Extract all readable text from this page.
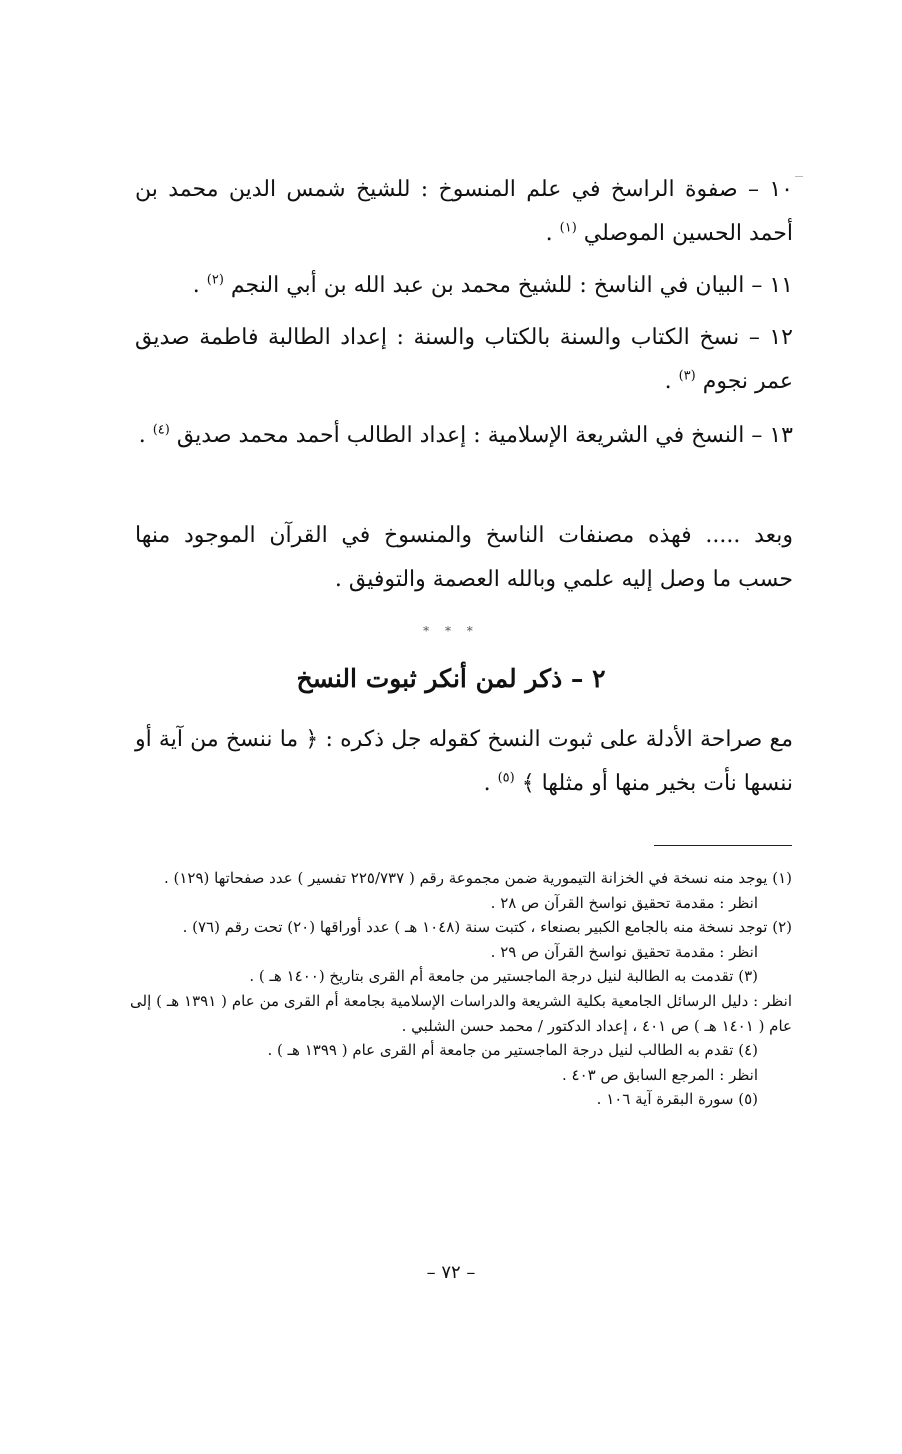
١٠ – صفوة الراسخ في علم المنسوخ : للشيخ شمس الدين محمد بن أحمد الحسين الموصلي $^{(١)}$ .
١١ – البيان في الناسخ : للشيخ محمد بن عبد الله بن أبي النجم $^{(٢)}$ .
١٢ – نسخ الكتاب والسنة بالكتاب والسنة : إعداد الطالبة فاطمة صديق عمر نجوم $^{(٣)}$ .
١٣ – النسخ في الشريعة الإسلامية : إعداد الطالب أحمد محمد صديق $^{(٤)}$ .
وبعد ..... فهذه مصنفات الناسخ والمنسوخ في القرآن الموجود منها حسب ما وصل إليه علمي وبالله العصمة والتوفيق .
* * *
٢ – ذكر لمن أنكر ثبوت النسخ
مع صراحة الأدلة على ثبوت النسخ كقوله جل ذكره : ﴿ ما ننسخ من آية أو ننسها نأت بخير منها أو مثلها ﴾ $^{(٥)}$ .

(١) يوجد منه نسخة في الخزانة التيمورية ضمن مجموعة رقم ( ٢٢٥/٧٣٧ تفسير ) عدد صفحاتها (١٢٩) .

انظر : مقدمة تحقيق نواسخ القرآن ص ٢٨ .

(٢) توجد نسخة منه بالجامع الكبير بصنعاء ، كتبت سنة (١٠٤٨ هـ ) عدد أوراقها (٢٠) تحت رقم (٧٦) .

انظر : مقدمة تحقيق نواسخ القرآن ص ٢٩ .

(٣) تقدمت به الطالبة لنيل درجة الماجستير من جامعة أم القرى بتاريخ (١٤٠٠ هـ ) .

انظر : دليل الرسائل الجامعية بكلية الشريعة والدراسات الإسلامية بجامعة أم القرى من عام ( ١٣٩١ هـ ) إلى عام ( ١٤٠١ هـ ) ص ٤٠١ ، إعداد الدكتور / محمد حسن الشلبي .

(٤) تقدم به الطالب لنيل درجة الماجستير من جامعة أم القرى عام ( ١٣٩٩ هـ ) .

انظر : المرجع السابق ص ٤٠٣ .

(٥) سورة البقرة آية ١٠٦ .

– ٧٢ –
